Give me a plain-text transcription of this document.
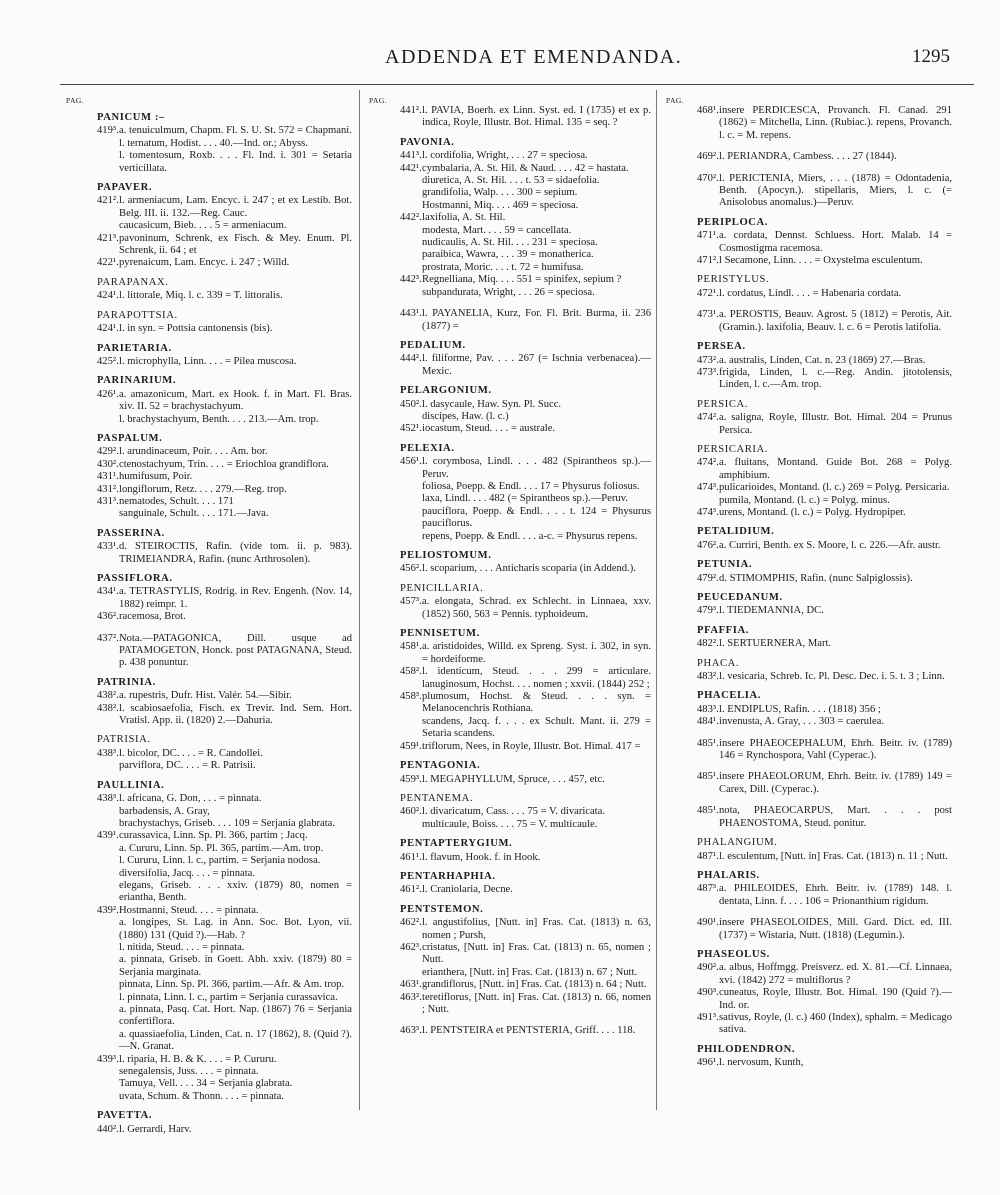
ADDENDA ET EMENDANDA.	1295
PAG.
PANICUM :–
419³.a. tenuiculmum, Chapm. Fl. S. U. St. 572 = Chapmani.
l. ternatum, Hodist. . . . 40.—Ind. or.; Abyss.
l. tomentosum, Roxb. . . . Fl. Ind. i. 301 = Setaria verticillata.
PAPAVER.
421².l. armeniacum, Lam. Encyc. i. 247 ; et ex Lestib. Bot. Belg. III. ii. 132.—Reg. Cauc.
caucasicum, Bieb. . . . 5 = armeniacum.
421³.pavoninum, Schrenk, ex Fisch. & Mey. Enum. Pl. Schrenk, ii. 64 ; et
422¹.pyrenaicum, Lam. Encyc. i. 247 ; Willd.
PARAPANAX.
424¹.l. littorale, Miq. l. c. 339 = T. littoralis.
PARAPOTTSIA.
424¹.l. in syn. = Pottsia cantonensis (bis).
PARIETARIA.
425².l. microphylla, Linn. . . . = Pilea muscosa.
PARINARIUM.
426¹.a. amazonicum, Mart. ex Hook. f. in Mart. Fl. Bras. xiv. II. 52 = brachystachyum.
l. brachystachyum, Benth. . . . 213.—Am. trop.
PASPALUM.
429².l. arundinaceum, Poir. . . . Am. bor.
430².ctenostachyum, Trin. . . . = Eriochloa grandiflora.
431¹.humifusum, Poir.
431².longiflorum, Retz. . . . 279.—Reg. trop.
431³.nematodes, Schult. . . . 171
sanguinale, Schult. . . . 171.—Java.
PASSERINA.
433¹.d. STEIROCTIS, Rafin. (vide tom. ii. p. 983). TRIMEIANDRA, Rafin. (nunc Arthrosolen).
PASSIFLORA.
434¹.a. TETRASTYLIS, Rodrig. in Rev. Engenh. (Nov. 14, 1882) reimpr. 1.
436².racemosa, Brot.
437².Nota.—PATAGONICA, Dill. usque ad PATAMOGETON, Honck. post PATAGNANA, Steud. p. 438 ponuntur.
PATRINIA.
438².a. rupestris, Dufr. Hist. Valér. 54.—Sibir.
438².l. scabiosaefolia, Fisch. ex Trevir. Ind. Sem. Hort. Vratisl. App. ii. (1820) 2.—Dahuria.
PATRISIA.
438³.l. bicolor, DC. . . . = R. Candollei.
parviflora, DC. . . . = R. Patrisii.
PAULLINIA.
438³.l. africana, G. Don, . . . = pinnata.
barbadensis, A. Gray,
brachystachys, Griseb. . . . 109 = Serjania glabrata.
439¹.curassavica, Linn. Sp. Pl. 366, partim ; Jacq.
a. Cururu, Linn. Sp. Pl. 365, partim.—Am. trop.
l. Cururu, Linn. l. c., partim. = Serjania nodosa.
diversifolia, Jacq. . . . = pinnata.
elegans, Griseb. . . . xxiv. (1879) 80, nomen = eriantha, Benth.
439².Hostmanni, Steud. . . . = pinnata.
a. longipes, St. Lag. in Ann. Soc. Bot. Lyon, vii. (1880) 131 (Quid ?).—Hab. ?
l. nitida, Steud. . . . = pinnata.
a. pinnata, Griseb. in Goett. Abh. xxiv. (1879) 80 = Serjania marginata.
pinnata, Linn. Sp. Pl. 366, partim.—Afr. & Am. trop.
l. pinnata, Linn. l. c., partim = Serjania curassavica.
a. pinnata, Pasq. Cat. Hort. Nap. (1867) 76 = Serjania confertiflora.
a. quassiaefolia, Linden, Cat. n. 17 (1862), 8. (Quid ?).—N. Granat.
439³.l. riparia, H. B. & K. . . . = P. Cururu.
senegalensis, Juss. . . . = pinnata.
Tamuya, Vell. . . . 34 = Serjania glabrata.
uvata, Schum. & Thonn. . . . = pinnata.
PAVETTA.
440².l. Gerrardi, Harv.
PAG.
441².l. PAVIA, Boerh. ex Linn. Syst. ed. I (1735) et ex p. indica, Royle, Illustr. Bot. Himal. 135 = seq. ?
PAVONIA.
441³.l. cordifolia, Wright, . . . 27 = speciosa.
442¹.cymbalaria, A. St. Hil. & Naud. . . . 42 = hastata.
diuretica, A. St. Hil. . . . t. 53 = sidaefolia.
grandifolia, Walp. . . . 300 = sepium.
Hostmanni, Miq. . . . 469 = speciosa.
442².laxifolia, A. St. Hil.
modesta, Mart. . . . 59 = cancellata.
nudicaulis, A. St. Hil. . . . 231 = speciosa.
paraibica, Wawra, . . . 39 = monatherica.
prostrata, Moric. . . . t. 72 = humifusa.
442³.Regnelliana, Miq. . . . 551 = spinifex, sepium ?
subpandurata, Wright, . . . 26 = speciosa.
443¹.l. PAYANELIA, Kurz, For. Fl. Brit. Burma, ii. 236 (1877) =
PEDALIUM.
444².l. filiforme, Pav. . . . 267 (= Ischnia verbenacea).—Mexic.
PELARGONIUM.
450².l. dasycaule, Haw. Syn. Pl. Succ.
discipes, Haw. (l. c.)
452¹.iocastum, Steud. . . . = australe.
PELEXIA.
456¹.l. corymbosa, Lindl. . . . 482 (Spirantheos sp.).—Peruv.
foliosa, Poepp. & Endl. . . . 17 = Physurus foliosus.
laxa, Lindl. . . . 482 (= Spirantheos sp.).—Peruv.
pauciflora, Poepp. & Endl. . . . t. 124 = Physurus pauciflorus.
repens, Poepp. & Endl. . . . a-c. = Physurus repens.
PELIOSTOMUM.
456².l. scoparium, . . . Anticharis scoparia (in Addend.).
PENICILLARIA.
457³.a. elongata, Schrad. ex Schlecht. in Linnaea, xxv. (1852) 560, 563 = Pennis. typhoideum.
PENNISETUM.
458¹.a. aristidoides, Willd. ex Spreng. Syst. i. 302, in syn. = hordeiforme.
458².l. identicum, Steud. . . . 299 = articulare. lanuginosum, Hochst. . . . nomen ; xxvii. (1844) 252 ;
458³.plumosum, Hochst. & Steud. . . . syn. = Melanocenchris Rothiana.
scandens, Jacq. f. . . . ex Schult. Mant. ii. 279 = Setaria scandens.
459¹.triflorum, Nees, in Royle, Illustr. Bot. Himal. 417 =
PENTAGONIA.
459³.l. MEGAPHYLLUM, Spruce, . . . 457, etc.
PENTANEMA.
460².l. divaricatum, Cass. . . . 75 = V. divaricata.
multicaule, Boiss. . . . 75 = V. multicaule.
PENTAPTERYGIUM.
461¹.l. flavum, Hook. f. in Hook.
PENTARHAPHIA.
461².l. Craniolaria, Decne.
PENTSTEMON.
462².l. angustifolius, [Nutt. in] Fras. Cat. (1813) n. 63, nomen ; Pursh,
462³.cristatus, [Nutt. in] Fras. Cat. (1813) n. 65, nomen ; Nutt.
erianthera, [Nutt. in] Fras. Cat. (1813) n. 67 ; Nutt.
463¹.grandiflorus, [Nutt. in] Fras. Cat. (1813) n. 64 ; Nutt.
463².teretiflorus, [Nutt. in] Fras. Cat. (1813) n. 66, nomen ; Nutt.
463³.l. PENTSTEIRA et PENTSTERIA, Griff. . . . 118.
PAG.
468¹.insere PERDICESCA, Provanch. Fl. Canad. 291 (1862) = Mitchella, Linn. (Rubiac.). repens, Provanch. l. c. = M. repens.
469².l. PERIANDRA, Cambess. . . . 27 (1844).
470².l. PERICTENIA, Miers, . . . (1878) = Odontadenia, Benth. (Apocyn.). stipellaris, Miers, l. c. (= Anisolobus anomalus.)—Peruv.
PERIPLOCA.
471¹.a. cordata, Dennst. Schluess. Hort. Malab. 14 = Cosmostigma racemosa.
471².l Secamone, Linn. . . . = Oxystelma esculentum.
PERISTYLUS.
472¹.l. cordatus, Lindl. . . . = Habenaria cordata.
473¹.a. PEROSTIS, Beauv. Agrost. 5 (1812) = Perotis, Ait. (Gramin.). laxifolia, Beauv. l. c. 6 = Perotis latifolia.
PERSEA.
473².a. australis, Linden, Cat. n. 23 (1869) 27.—Bras.
473³.frigida, Linden, l. c.—Reg. Andin. jitotolensis, Linden, l. c.—Am. trop.
PERSICA.
474².a. saligna, Royle, Illustr. Bot. Himal. 204 = Prunus Persica.
PERSICARIA.
474².a. fluitans, Montand. Guide Bot. 268 = Polyg. amphibium.
474³.pulicarioides, Montand. (l. c.) 269 = Polyg. Persicaria.
pumila, Montand. (l. c.) = Polyg. minus.
474³.urens, Montand. (l. c.) = Polyg. Hydropiper.
PETALIDIUM.
476².a. Curriri, Benth. ex S. Moore, l. c. 226.—Afr. austr.
PETUNIA.
479².d. STIMOMPHIS, Rafin. (nunc Salpiglossis).
PEUCEDANUM.
479³.l. TIEDEMANNIA, DC.
PFAFFIA.
482².l. SERTUERNERA, Mart.
PHACA.
483².l. vesicaria, Schreb. Ic. Pl. Desc. Dec. i. 5. t. 3 ; Linn.
PHACELIA.
483³.l. ENDIPLUS, Rafin. . . . (1818) 356 ;
484¹.invenusta, A. Gray, . . . 303 = caerulea.
485¹.insere PHAEOCEPHALUM, Ehrh. Beitr. iv. (1789) 146 = Rynchospora, Vahl (Cyperac.).
485¹.insere PHAEOLORUM, Ehrh. Beitr. iv. (1789) 149 = Carex, Dill. (Cyperac.).
485¹.nota, PHAEOCARPUS, Mart. . . . post PHAENOSTOMA, Steud. ponitur.
PHALANGIUM.
487¹.l. esculentum, [Nutt. in] Fras. Cat. (1813) n. 11 ; Nutt.
PHALARIS.
487³.a. PHILEOIDES, Ehrh. Beitr. iv. (1789) 148. l. dentata, Linn. f. . . . 106 = Prionanthium rigidum.
490¹.insere PHASEOLOIDES, Mill. Gard. Dict. ed. III. (1737) = Wistaria, Nutt. (1818) (Legumin.).
PHASEOLUS.
490².a. albus, Hoffmgg. Preisverz. ed. X. 81.—Cf. Linnaea, xvi. (1842) 272 = multiflorus ?
490³.cuneatus, Royle, Illustr. Bot. Himal. 190 (Quid ?).—Ind. or.
491³.sativus, Royle, (l. c.) 460 (Index), sphalm. = Medicago sativa.
PHILODENDRON.
496¹.l. nervosum, Kunth,
